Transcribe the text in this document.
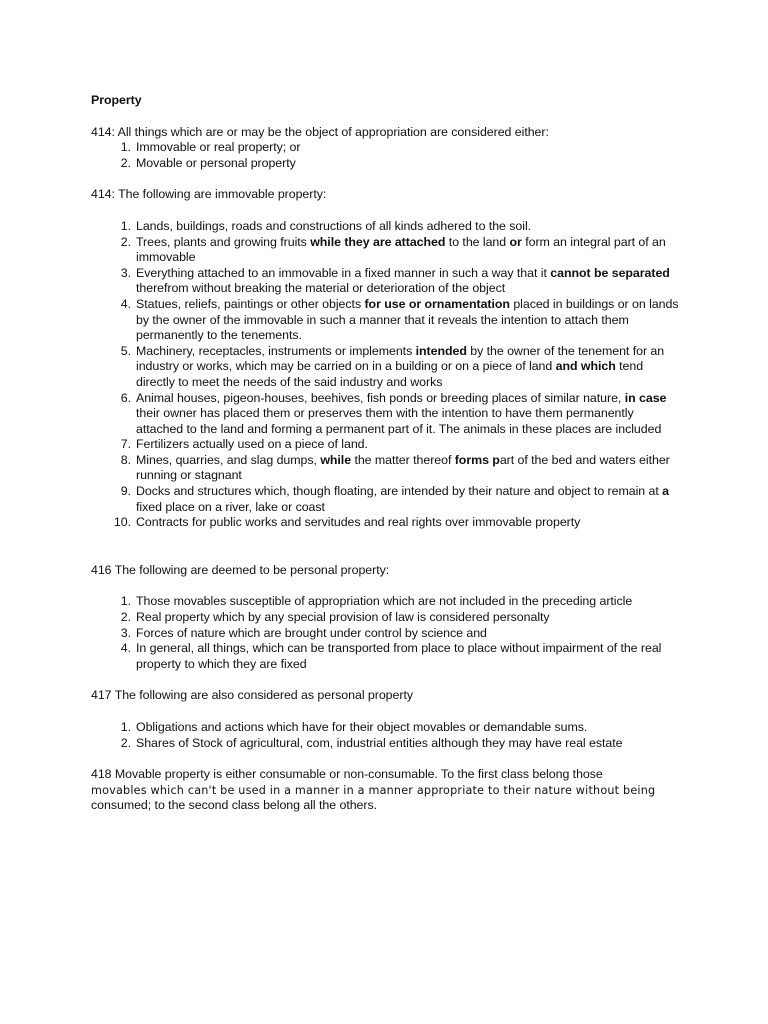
Property

414: All things which are or may be the object of appropriation are considered either:

1. Immovable or real property; or
2. Movable or personal property

414: The following are immovable property:

1. Lands, buildings, roads and constructions of all kinds adhered to the soil.
2. Trees, plants and growing fruits while they are attached to the land or form an integral part of an immovable
3. Everything attached to an immovable in a fixed manner in such a way that it cannot be separated therefrom without breaking the material or deterioration of the object
4. Statues, reliefs, paintings or other objects for use or ornamentation placed in buildings or on lands by the owner of the immovable in such a manner that it reveals the intention to attach them permanently to the tenements.
5. Machinery, receptacles, instruments or implements intended by the owner of the tenement for an industry or works, which may be carried on in a building or on a piece of land and which tend directly to meet the needs of the said industry and works
6. Animal houses, pigeon-houses, beehives, fish ponds or breeding places of similar nature, in case their owner has placed them or preserves them with the intention to have them permanently attached to the land and forming a permanent part of it. The animals in these places are included
7. Fertilizers actually used on a piece of land.
8. Mines, quarries, and slag dumps, while the matter thereof forms part of the bed and waters either running or stagnant
9. Docks and structures which, though floating, are intended by their nature and object to remain at a fixed place on a river, lake or coast
10. Contracts for public works and servitudes and real rights over immovable property

416 The following are deemed to be personal property:

1. Those movables susceptible of appropriation which are not included in the preceding article
2. Real property which by any special provision of law is considered personalty
3. Forces of nature which are brought under control by science and
4. In general, all things, which can be transported from place to place without impairment of the real property to which they are fixed

417 The following are also considered as personal property

1. Obligations and actions which have for their object movables or demandable sums.
2. Shares of Stock of agricultural, com, industrial entities although they may have real estate

418 Movable property is either consumable or non-consumable. To the first class belong those
movables which can't be used in a manner in a manner appropriate to their nature without being
consumed; to the second class belong all the others.
